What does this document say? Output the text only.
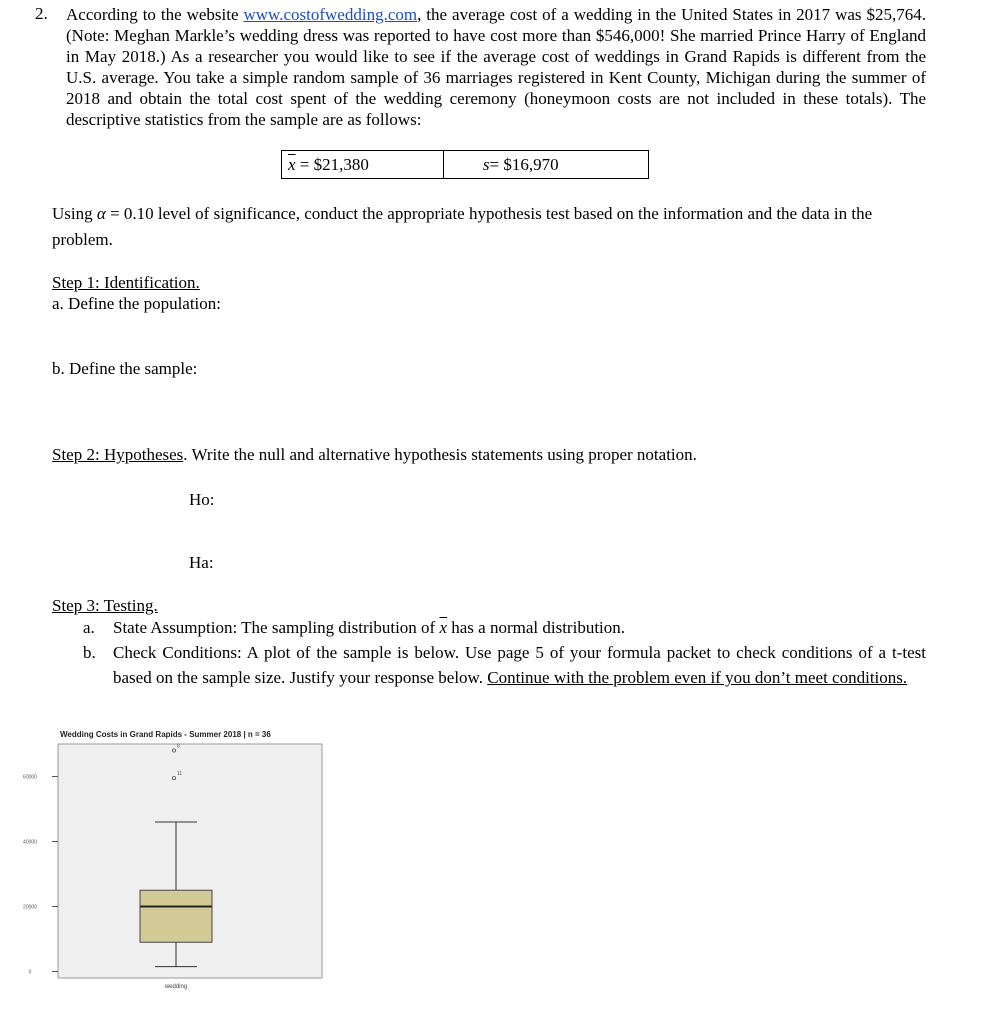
2. According to the website www.costofwedding.com, the average cost of a wedding in the United States in 2017 was $25,764. (Note: Meghan Markle’s wedding dress was reported to have cost more than $546,000! She married Prince Harry of England in May 2018.) As a researcher you would like to see if the average cost of weddings in Grand Rapids is different from the U.S. average. You take a simple random sample of 36 marriages registered in Kent County, Michigan during the summer of 2018 and obtain the total cost spent of the wedding ceremony (honeymoon costs are not included in these totals). The descriptive statistics from the sample are as follows:
$\overline{x}$
= $21,380	s = $16,970
Using α = 0.10 level of significance, conduct the appropriate hypothesis test based on the information and the data in the problem.
Step 1: Identification.
a. Define the population:
b. Define the sample:
Step 2: Hypotheses. Write the null and alternative hypothesis statements using proper notation.
Ho:
Ha:
Step 3: Testing.
a. State Assumption: The sampling distribution of $\overline{x}$ has a normal distribution.
b. Check Conditions: A plot of the sample is below. Use page 5 of your formula packet to check conditions of a t-test based on the sample size. Justify your response below. Continue with the problem even if you don’t meet conditions.
Wedding Costs in Grand Rapids - Summer 2018 | n = 36
60000
40000
20000
0
8
11
wedding
